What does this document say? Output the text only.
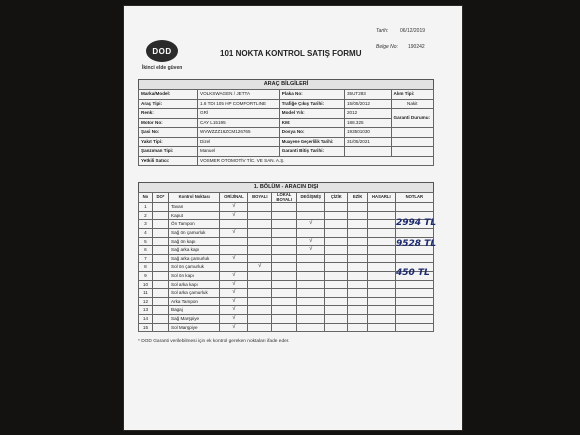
DOD
İkinci elde güven
101 NOKTA KONTROL SATIŞ FORMU
Tarih: 06/12/2019
Belge No: 190242
ARAÇ BİLGİLERİ
Marka/Model:	VOLKSWAGEN / JETTA	Plaka No:	35UT283	Alım Tipi:
Araç Tipi:	1.6 TDI 105 HP COMFORTLINE	Trafiğe Çıkış Tarihi:	15/05/2012	Nakit
Renk:	GRİ	Model Yılı:	2012	Garanti Durumu:
Motor No:	CAY L15195	KM:	188.325	
Şasi No:	WVWZZZ16ZCM126765	Dosya No:	193501030	
Yakıt Tipi:	Dizel	Muayene Geçerlilik Tarihi:	31/05/2021	
Şanzıman Tipi:	Manuel	Garanti Bitiş Tarihi:		
Yetkili Satıcı:	VOSMER OTOMOTİV TİC. VE SAN. A.Ş.			
1. BÖLÜM - ARACIN DIŞI
No	DO*	Kontrol Noktası	ORİJİNAL	BOYALI	LOKAL BOYALI	DEĞİŞMİŞ	ÇİZİK	EZİK	HASARLI	NOTLAR
1		Tavan	√							
2		Kaput	√							
3		Ön Tampon				√				
4		Sağ ön çamurluk	√							
5		Sağ ön kapı				√				
6		Sağ arka kapı				√				
7		Sağ arka çamurluk	√							
8		Sol ön çamurluk		√						
9		Sol ön kapı	√							
10		Sol arka kapı	√							
11		Sol arka çamurluk	√							
12		Arka Tampon	√							
13		Bagaj	√							
14		Sağ Marşpiye	√							
15		Sol Marşpiye	√							
2994 TL
9528 TL
450 TL
* DOD Garanti verilebilmesi için ek kontrol gereken noktaları ifade eder.
